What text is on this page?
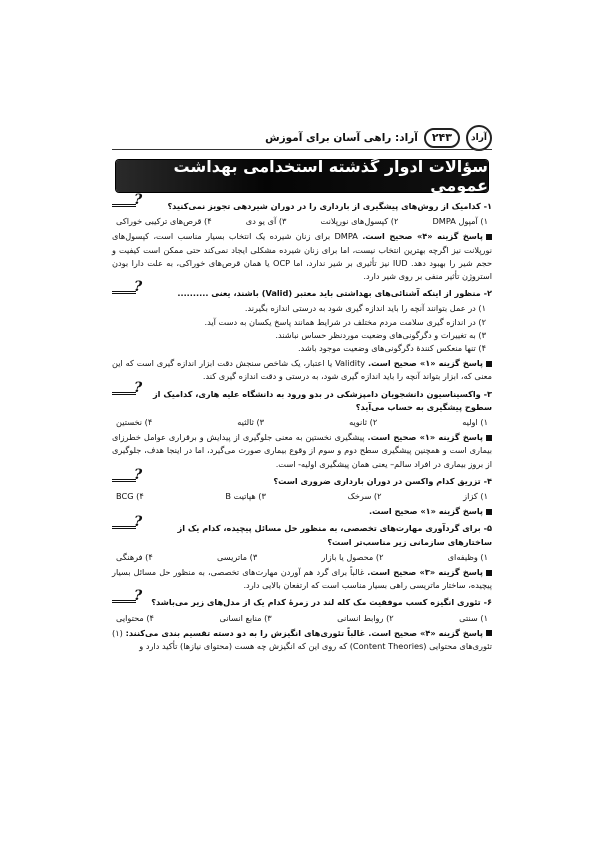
آراد
۲۴۳
آراد: راهی آسان برای آموزش
سؤالات ادوار گذشته استخدامی بهداشت عمومی
?	۱- کدامیک از روش‌های پیشگیری از بارداری را در دوران شیردهی تجویز نمی‌کنید؟

۱) آمپول DMPA
۲) کپسول‌های نورپلانت
۳) آی یو دی
۴) قرص‌های ترکیبی خوراکی

پاسخ گزینه «۴» صحیح است. DMPA برای زنان شیرده یک انتخاب بسیار مناسب است، کپسول‌های نورپلانت نیز اگرچه بهترین انتخاب نیست، اما برای زنان شیرده مشکلی ایجاد نمی‌کند حتی ممکن است کیفیت و حجم شیر را بهبود دهد. IUD نیز تأثیری بر شیر ندارد، اما OCP یا همان قرص‌های خوراکی، به علت دارا بودن استروژن تأثیر منفی بر روی شیر دارد.

?	۲- منظور از اینکه آشنائی‌های بهداشتی باید معتبر (Valid) باشند، یعنی ..........

۱) در عمل بتوانند آنچه را باید اندازه گیری شود به درستی اندازه بگیرند.
۲) در اندازه گیری سلامت مردم مختلف در شرایط همانند پاسخ یکسان به دست آید.
۳) به تغییرات و دگرگونی‌های وضعیت موردنظر حساس نباشند.
۴) تنها منعکس کنندهٔ دگرگونی‌های وضعیت موجود باشد.

پاسخ گزینه «۱» صحیح است. Validity یا اعتبار، یک شاخص سنجش دقت ابزار اندازه گیری است که این معنی که، ابزار بتواند آنچه را باید اندازه گیری شود، به درستی و دقت اندازه گیری کند.

?	۳- واکسیناسیون دانشجویان دامپزشکی در بدو ورود به دانشگاه علیه هاری، کدامیک از سطوح پیشگیری به حساب می‌آید؟

۱) اولیه
۲) ثانویه
۳) ثالثیه
۴) نخستین

پاسخ گزینه «۱» صحیح است. پیشگیری نخستین به معنی جلوگیری از پیدایش و برقراری عوامل خطرزای بیماری است و همچنین پیشگیری سطح دوم و سوم از وقوع بیماری صورت می‌گیرد، اما در اینجا هدف، جلوگیری از بروز بیماری در افراد سالم– یعنی همان پیشگیری اولیه- است.

?	۴- تزریق کدام واکسن در دوران بارداری ضروری است؟

۱) کزاز
۲) سرخک
۳) هپاتیت B
۴) BCG

پاسخ گزینه «۱» صحیح است.

?	۵- برای گردآوری مهارت‌های تخصصی، به منظور حل مسائل پیچیده، کدام یک از ساختارهای سازمانی زیر مناسب‌تر است؟

۱) وظیفه‌ای
۲) محصول یا بازار
۳) ماتریسی
۴) فرهنگی

پاسخ گزینه «۳» صحیح است. غالباً برای گرد هم آوردن مهارت‌های تخصصی، به منظور حل مسائل بسیار پیچیده، ساختار ماتریسی راهی بسیار مناسب است که ارتفعان بالایی دارد.

?	۶- تئوری انگیزه کسب موفقیت مک کله لند در زمرهٔ کدام یک از مدل‌های زیر می‌باشد؟

۱) سنتی
۲) روابط انسانی
۳) منابع انسانی
۴) محتوایی

پاسخ گزینه «۴» صحیح است. غالباً تئوری‌های انگیزش را به دو دسته تقسیم بندی می‌کنند: (۱) تئوری‌های محتوایی (Content Theories) که روی این که انگیزش چه هست (محتوای نیازها) تأکید دارد و
